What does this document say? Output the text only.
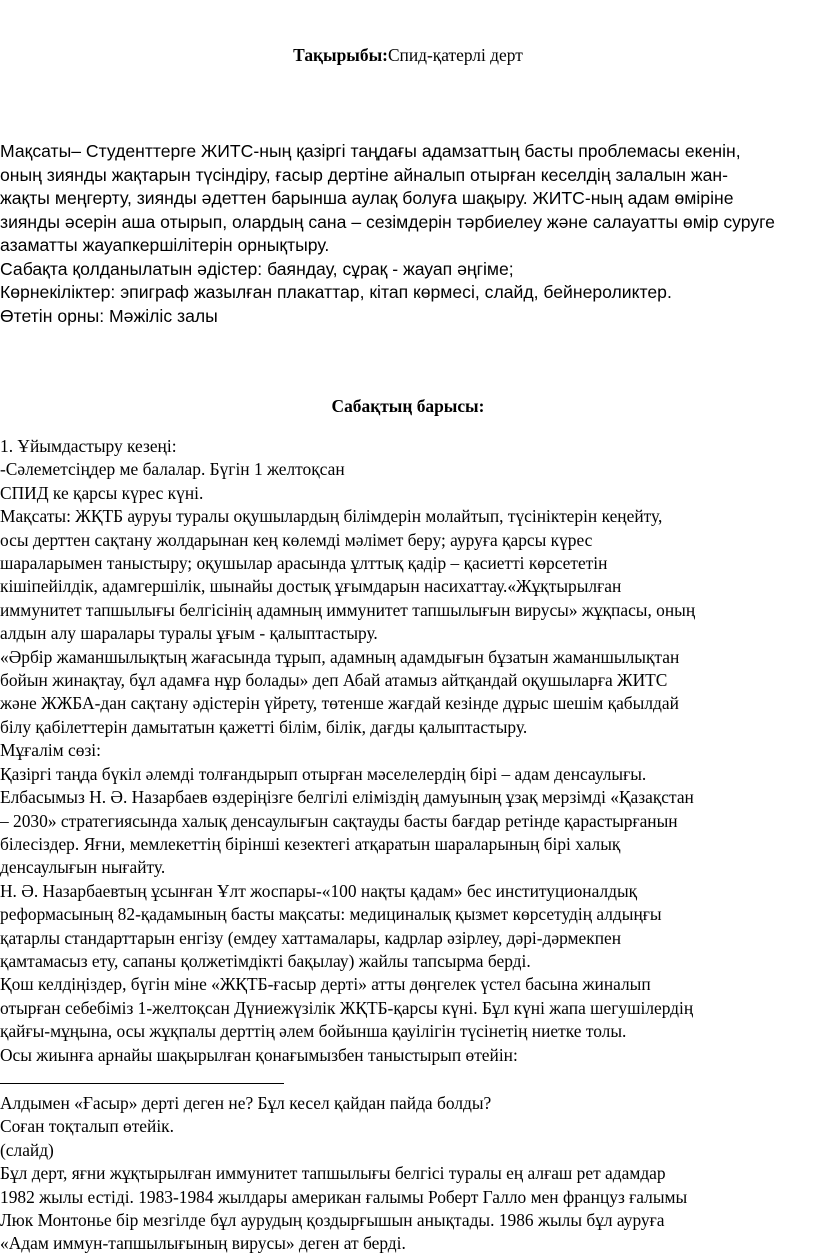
Тақырыбы:Спид-қатерлі дерт

Мақсаты– Студенттерге ЖИТС-ның қазіргі таңдағы адамзаттың басты проблемасы екенін,

оның зиянды жақтарын түсіндіру, ғасыр дертіне айналып отырған кеселдің залалын жан-

жақты меңгерту, зиянды әдеттен барынша аулақ болуға шақыру. ЖИТС-ның адам өміріне

зиянды әсерін аша отырып, олардың сана – сезімдерін тәрбиелеу және салауатты өмір суруге

азаматты жауапкершілітерін орнықтыру.

Сабақта қолданылатын әдістер: баяндау, сұрақ - жауап әңгіме;

Көрнекіліктер: эпиграф жазылған плакаттар, кітап көрмесі, слайд, бейнероликтер.

Өтетін орны: Мәжіліс залы

Сабақтың барысы:

1. Ұйымдастыру кезеңі:

-Сәлеметсіңдер ме балалар. Бүгін 1 желтоқсан

СПИД ке қарсы күрес күні.

Мақсаты: ЖҚТБ ауруы туралы оқушылардың білімдерін молайтып, түсініктерін кеңейту,

осы дерттен сақтану жолдарынан кең көлемді мәлімет беру; ауруға қарсы күрес

шараларымен таныстыру; оқушылар арасында ұлттық қадір – қасиетті көрсететін

кішіпейілдік, адамгершілік, шынайы достық ұғымдарын насихаттау.«Жұқтырылған

иммунитет тапшылығы белгісінің адамның иммунитет тапшылығын вирусы» жұқпасы, оның

алдын алу шаралары туралы ұғым - қалыптастыру.

«Әрбір жаманшылықтың жағасында тұрып, адамның адамдығын бұзатын жаманшылықтан

бойын жинақтау, бұл адамға нұр болады» деп Абай атамыз айтқандай оқушыларға ЖИТС

және ЖЖБА-дан сақтану әдістерін үйрету, төтенше жағдай кезінде дұрыс шешім қабылдай

білу қабілеттерін дамытатын қажетті білім, білік, дағды қалыптастыру.

Мұғалім сөзі:

Қазіргі таңда бүкіл әлемді толғандырып отырған мәселелердің бірі – адам денсаулығы.

Елбасымыз Н. Ә. Назарбаев өздеріңізге белгілі еліміздің дамуының ұзақ мерзімді «Қазақстан

– 2030» стратегиясында халық денсаулығын сақтауды басты бағдар ретінде қарастырғанын

білесіздер. Яғни, мемлекеттің бірінші кезектегі атқаратын шараларының бірі халық

денсаулығын нығайту.

Н. Ә. Назарбаевтың ұсынған Ұлт жоспары-«100 нақты қадам» бес институционалдық

реформасының 82-қадамының басты мақсаты: медициналық қызмет көрсетудің алдыңғы

қатарлы стандарттарын енгізу (емдеу хаттамалары, кадрлар әзірлеу, дәрі-дәрмекпен

қамтамасыз ету, сапаны қолжетімдікті бақылау) жайлы тапсырма берді.

Қош келдіңіздер, бүгін міне «ЖҚТБ-ғасыр дерті» атты дөңгелек үстел басына жиналып

отырған себебіміз 1-желтоқсан Дүниежүзілік ЖҚТБ-қарсы күні. Бұл күні жапа шегушілердің

қайғы-мұңына, осы жұқпалы дерттің әлем бойынша қауілігін түсінетің ниетке толы.

Осы жиынға арнайы шақырылған қонағымызбен таныстырып өтейін:

Алдымен «Ғасыр» дерті деген не? Бұл кесел қайдан пайда болды?

Соған тоқталып өтейік.

(слайд)

Бұл дерт, яғни жұқтырылған иммунитет тапшылығы белгісі туралы ең алғаш рет адамдар

1982 жылы естіді. 1983-1984 жылдары американ ғалымы Роберт Галло мен француз ғалымы

Люк Монтонье бір мезгілде бұл аурудың қоздырғышын анықтады. 1986 жылы бұл ауруға

«Адам иммун-тапшылығының вирусы» деген ат берді.
